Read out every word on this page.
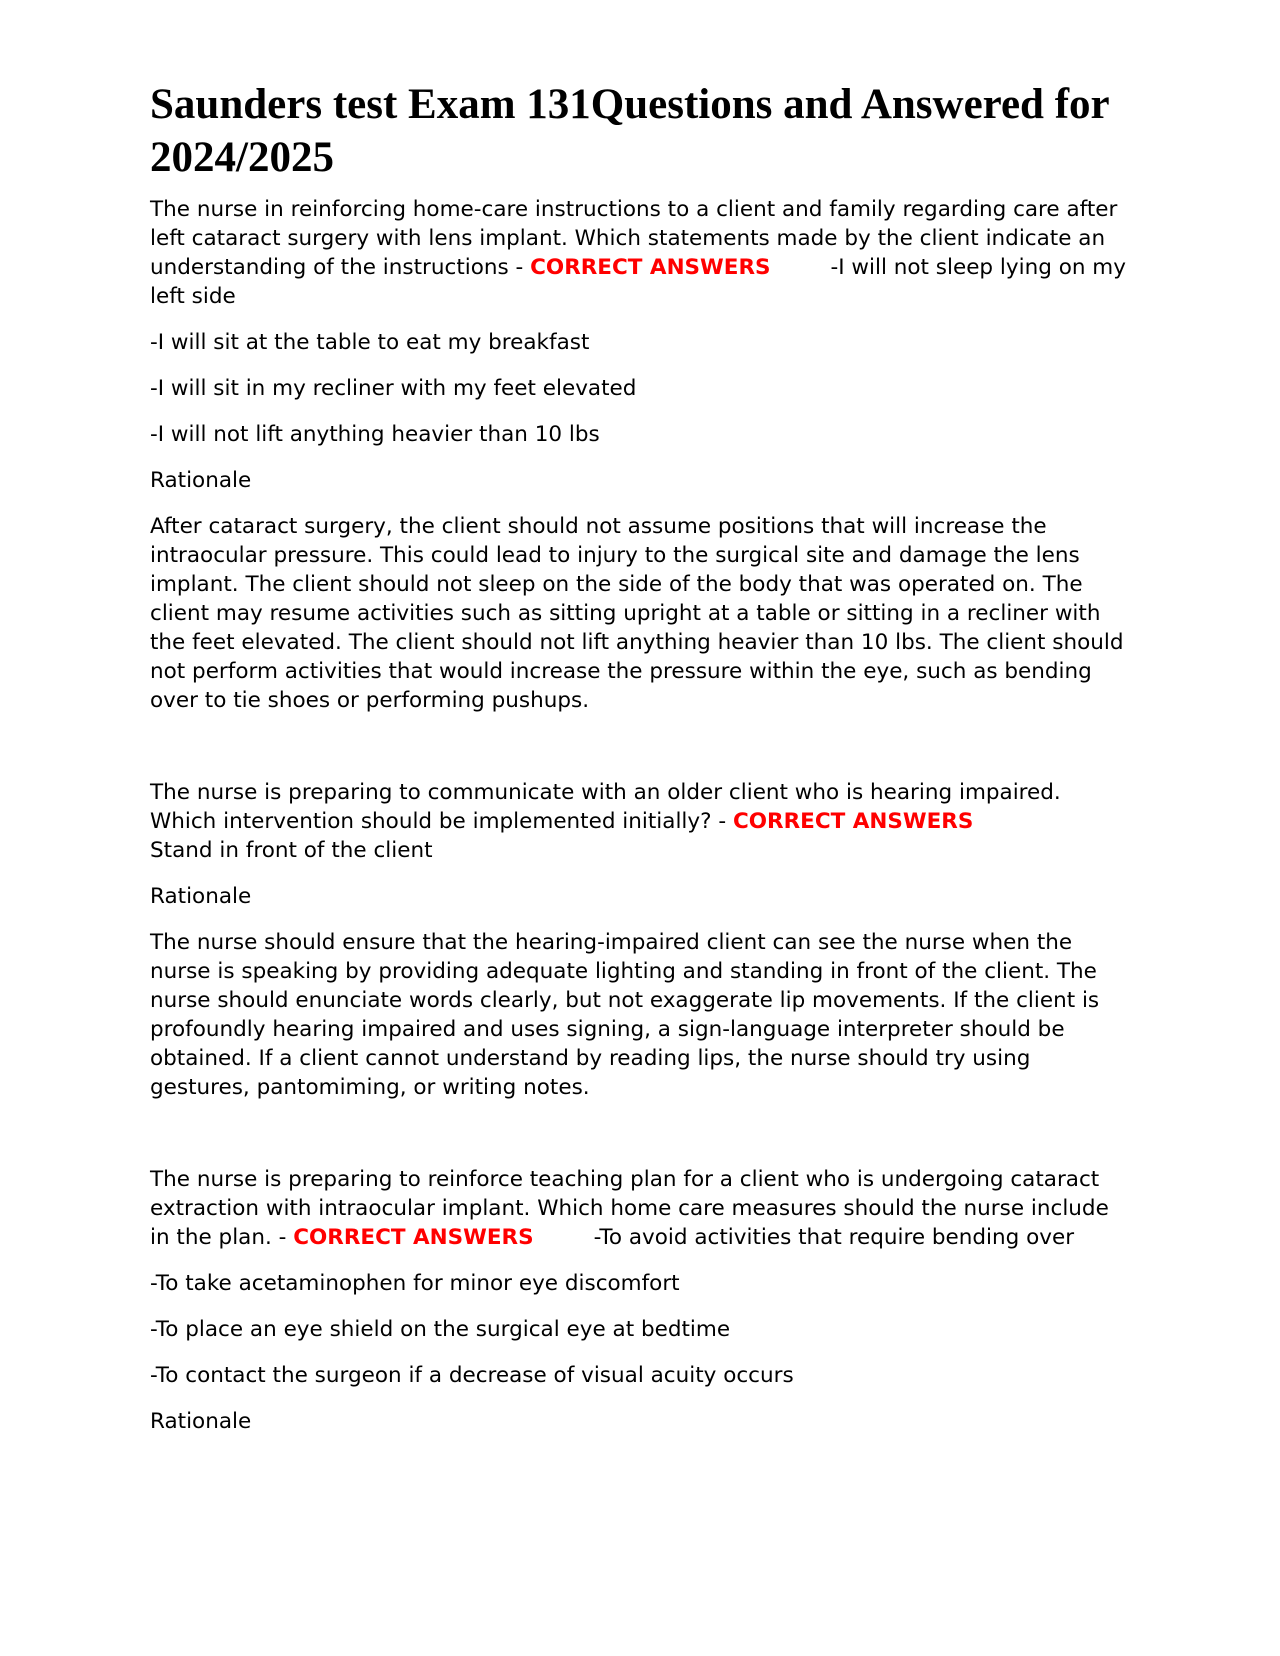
Saunders test Exam 131Questions and Answered for 2024/2025

The nurse in reinforcing home-care instructions to a client and family regarding care after left cataract surgery with lens implant. Which statements made by the client indicate an understanding of the instructions - CORRECT ANSWERS	-I will not sleep lying on my left side

-I will sit at the table to eat my breakfast

-I will sit in my recliner with my feet elevated

-I will not lift anything heavier than 10 lbs

Rationale

After cataract surgery, the client should not assume positions that will increase the intraocular pressure. This could lead to injury to the surgical site and damage the lens implant. The client should not sleep on the side of the body that was operated on. The client may resume activities such as sitting upright at a table or sitting in a recliner with the feet elevated. The client should not lift anything heavier than 10 lbs. The client should not perform activities that would increase the pressure within the eye, such as bending over to tie shoes or performing pushups.

The nurse is preparing to communicate with an older client who is hearing impaired. Which intervention should be implemented initially? - CORRECT ANSWERS
Stand in front of the client

Rationale

The nurse should ensure that the hearing-impaired client can see the nurse when the nurse is speaking by providing adequate lighting and standing in front of the client. The nurse should enunciate words clearly, but not exaggerate lip movements. If the client is profoundly hearing impaired and uses signing, a sign-language interpreter should be obtained. If a client cannot understand by reading lips, the nurse should try using gestures, pantomiming, or writing notes.

The nurse is preparing to reinforce teaching plan for a client who is undergoing cataract extraction with intraocular implant. Which home care measures should the nurse include in the plan. - CORRECT ANSWERS	-To avoid activities that require bending over

-To take acetaminophen for minor eye discomfort

-To place an eye shield on the surgical eye at bedtime

-To contact the surgeon if a decrease of visual acuity occurs

Rationale
